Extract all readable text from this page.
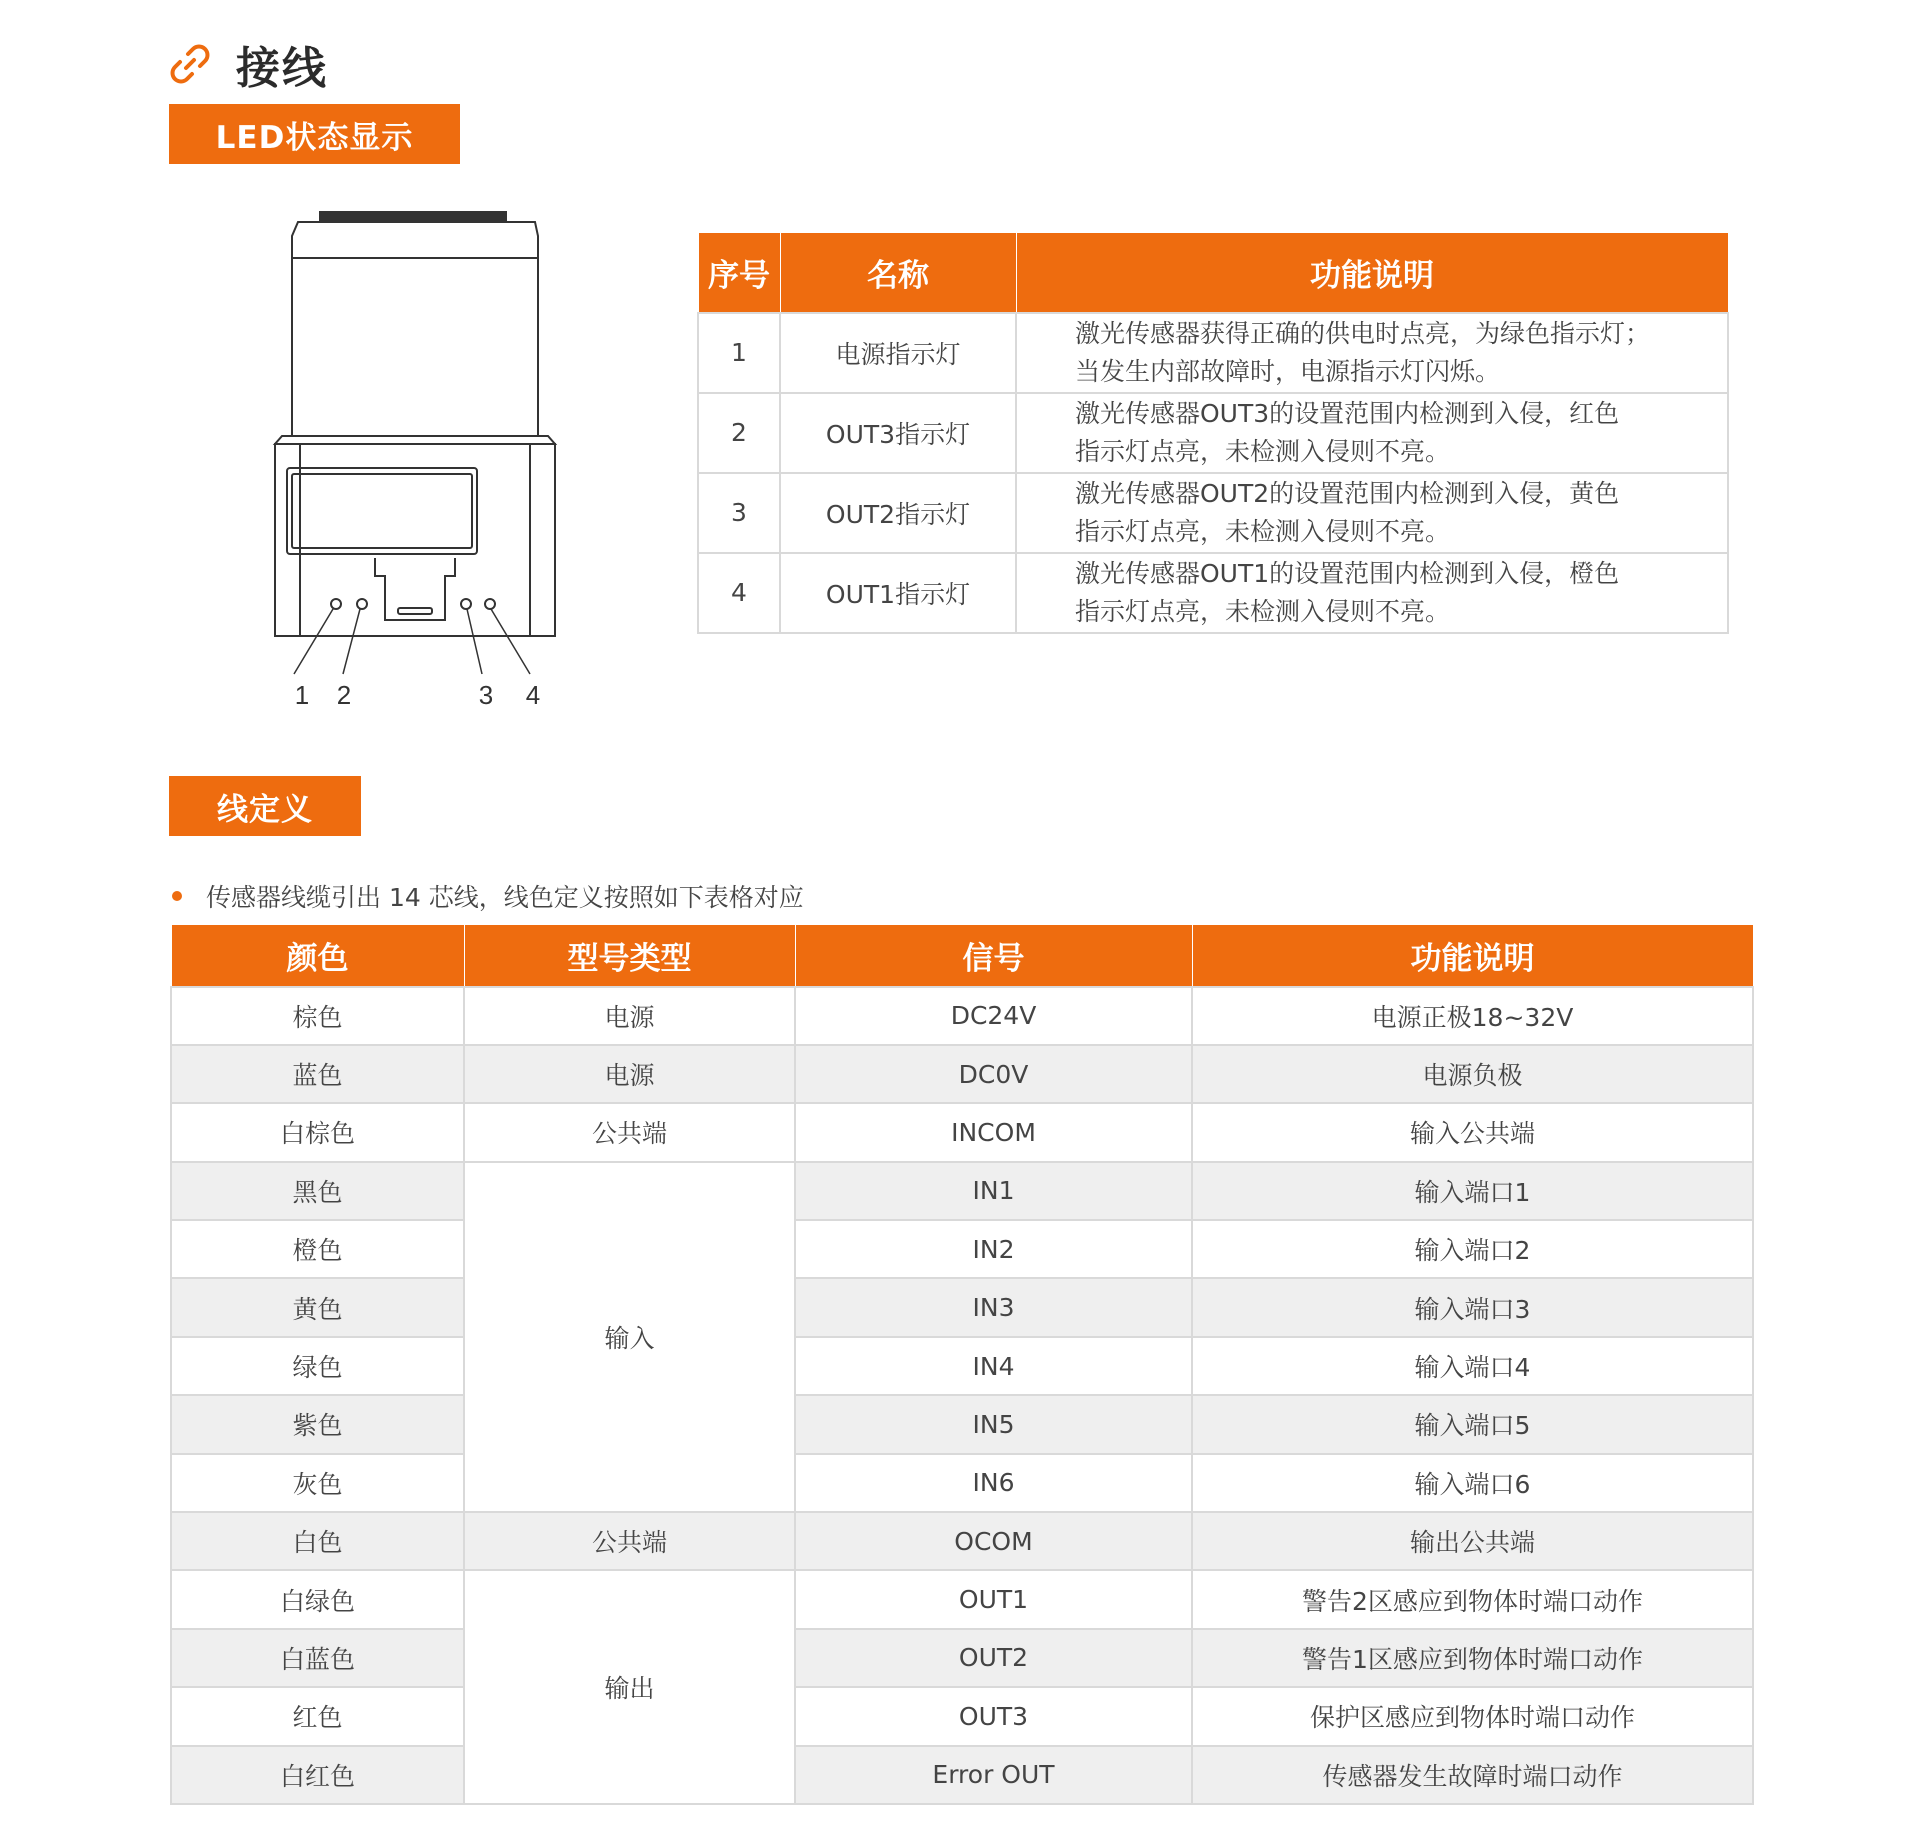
接线
LED状态显示
1 2	3 4
序号	名称	功能说明
1	电源指示灯	激光传感器获得正确的供电时点亮，为绿色指示灯；
当发生内部故障时，电源指示灯闪烁。
2	OUT3指示灯	激光传感器OUT3的设置范围内检测到入侵，红色
指示灯点亮，未检测入侵则不亮。
3	OUT2指示灯	激光传感器OUT2的设置范围内检测到入侵，黄色
指示灯点亮，未检测入侵则不亮。
4	OUT1指示灯	激光传感器OUT1的设置范围内检测到入侵，橙色
指示灯点亮，未检测入侵则不亮。
线定义
传感器线缆引出 14 芯线，线色定义按照如下表格对应
颜色	型号类型	信号	功能说明
棕色	电源	DC24V	电源正极18~32V
蓝色	电源	DC0V	电源负极
白棕色	公共端	INCOM	输入公共端
黑色	输入	IN1	输入端口1
橙色		IN2	输入端口2
黄色		IN3	输入端口3
绿色		IN4	输入端口4
紫色		IN5	输入端口5
灰色		IN6	输入端口6
白色	公共端	OCOM	输出公共端
白绿色	输出	OUT1	警告2区感应到物体时端口动作
白蓝色		OUT2	警告1区感应到物体时端口动作
红色		OUT3	保护区感应到物体时端口动作
白红色		Error OUT	传感器发生故障时端口动作
